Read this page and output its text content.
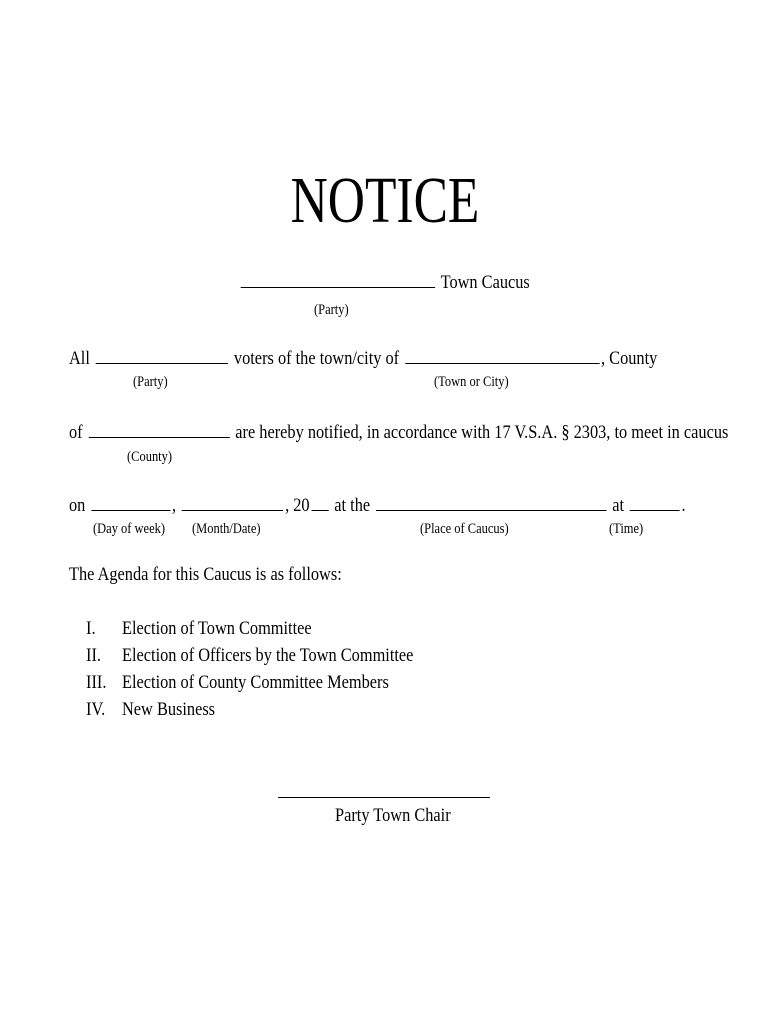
NOTICE
Town Caucus
(Party)
All	voters of the town/city of	, County
(Party)	(Town or City)
of	are hereby notified, in accordance with 17 V.S.A. § 2303, to meet in caucus
(County)
on	,	, 20 at the	at	.
(Day of week) (Month/Date)	(Place of Caucus)	(Time)
The Agenda for this Caucus is as follows:
I. Election of Town Committee
II. Election of Officers by the Town Committee
III. Election of County Committee Members
IV. New Business
Party Town Chair
